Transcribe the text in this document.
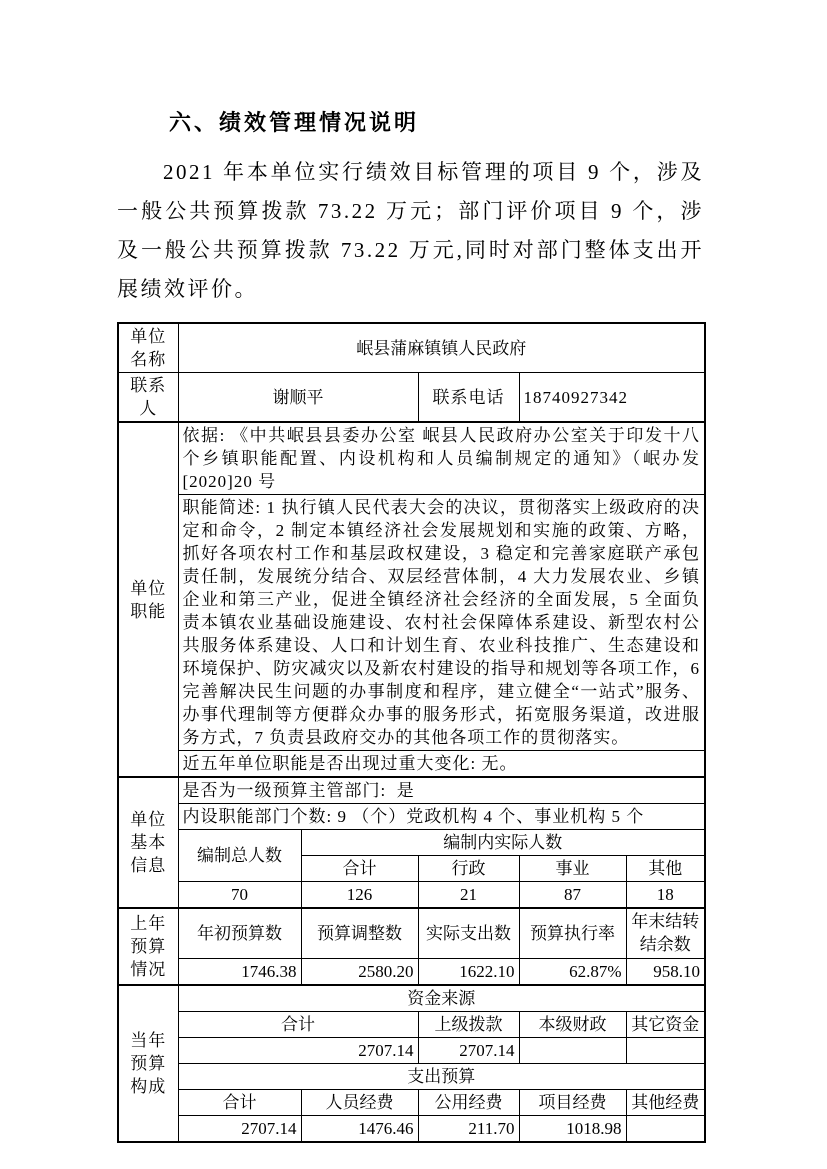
六、绩效管理情况说明

2021 年本单位实行绩效目标管理的项目 9 个，涉及一般公共预算拨款 73.22 万元；部门评价项目 9 个，涉及一般公共预算拨款 73.22 万元,同时对部门整体支出开展绩效评价。

单位名称	岷县蒲麻镇镇人民政府				
联系人	谢顺平		联系电话	18740927342	
单位职能	依据: 《中共岷县县委办公室 岷县人民政府办公室关于印发十八个乡镇职能配置、内设机构和人员编制规定的通知》（岷办发[2020]20 号				
	职能简述: 1 执行镇人民代表大会的决议，贯彻落实上级政府的决定和命令，2 制定本镇经济社会发展规划和实施的政策、方略，抓好各项农村工作和基层政权建设，3 稳定和完善家庭联产承包责任制，发展统分结合、双层经营体制，4 大力发展农业、乡镇企业和第三产业，促进全镇经济社会经济的全面发展，5 全面负责本镇农业基础设施建设、农村社会保障体系建设、新型农村公共服务体系建设、人口和计划生育、农业科技推广、生态建设和环境保护、防灾减灾以及新农村建设的指导和规划等各项工作，6 完善解决民生问题的办事制度和程序，建立健全“一站式”服务、办事代理制等方便群众办事的服务形式，拓宽服务渠道，改进服务方式，7 负责县政府交办的其他各项工作的贯彻落实。				
	近五年单位职能是否出现过重大变化: 无。				
单位基本信息	是否为一级预算主管部门:  是				
	内设职能部门个数: 9 （个）党政机构 4 个、事业机构 5 个				
	编制总人数	编制内实际人数			
		合计	行政	事业	其他
	70	126	21	87	18
上年预算情况	年初预算数	预算调整数	实际支出数	预算执行率	年末结转结余数
	1746.38	2580.20	1622.10	62.87%	958.10
当年预算构成	资金来源				
	合计		上级拨款	本级财政	其它资金
	2707.14		2707.14		
	支出预算				
	合计	人员经费	公用经费	项目经费	其他经费
	2707.14	1476.46	211.70	1018.98	
